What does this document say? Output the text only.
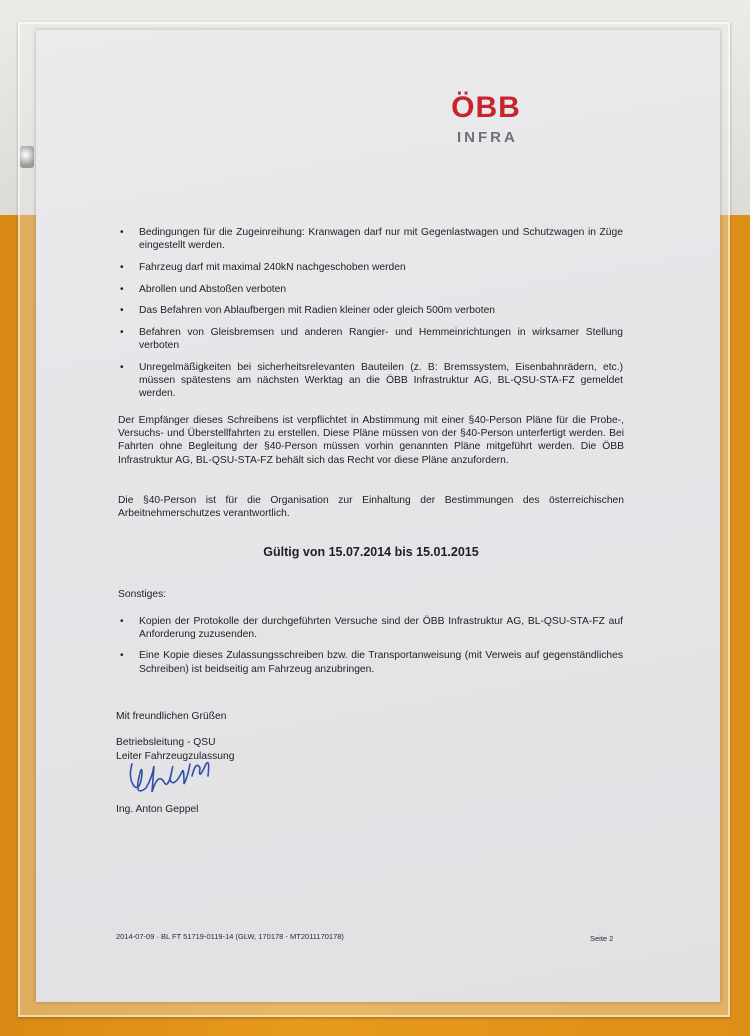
ÖBB
INFRA
• Bedingungen für die Zugeinreihung: Kranwagen darf nur mit Gegenlastwagen und Schutzwagen in Züge eingestellt werden.
• Fahrzeug darf mit maximal 240kN nachgeschoben werden
• Abrollen und Abstoßen verboten
• Das Befahren von Ablaufbergen mit Radien kleiner oder gleich 500m verboten
• Befahren von Gleisbremsen und anderen Rangier- und Hemmeinrichtungen in wirksamer Stellung verboten
• Unregelmäßigkeiten bei sicherheitsrelevanten Bauteilen (z. B: Bremssystem, Eisenbahnrädern, etc.) müssen spätestens am nächsten Werktag an die ÖBB Infrastruktur AG, BL-QSU-STA-FZ gemeldet werden.

Der Empfänger dieses Schreibens ist verpflichtet in Abstimmung mit einer §40-Person Pläne für die Probe-, Versuchs- und Überstellfahrten zu erstellen. Diese Pläne müssen von der §40-Person unterfertigt werden. Bei Fahrten ohne Begleitung der §40-Person müssen vorhin genannten Pläne mitgeführt werden. Die ÖBB Infrastruktur AG, BL-QSU-STA-FZ behält sich das Recht vor diese Pläne anzufordern.

Die §40-Person ist für die Organisation zur Einhaltung der Bestimmungen des österreichischen Arbeitnehmerschutzes verantwortlich.

Gültig von 15.07.2014 bis 15.01.2015
Sonstiges:
• Kopien der Protokolle der durchgeführten Versuche sind der ÖBB Infrastruktur AG, BL-QSU-STA-FZ auf Anforderung zuzusenden.
• Eine Kopie dieses Zulassungsschreiben bzw. die Transportanweisung (mit Verweis auf gegenständliches Schreiben) ist beidseitig am Fahrzeug anzubringen.
Mit freundlichen Grüßen
Betriebsleitung - QSU
Leiter Fahrzeugzulassung
Ing. Anton Geppel
2014-07-09 · BL FT 51719-0119-14 (GLW, 170178 - MT2011170178)	Seite 2
